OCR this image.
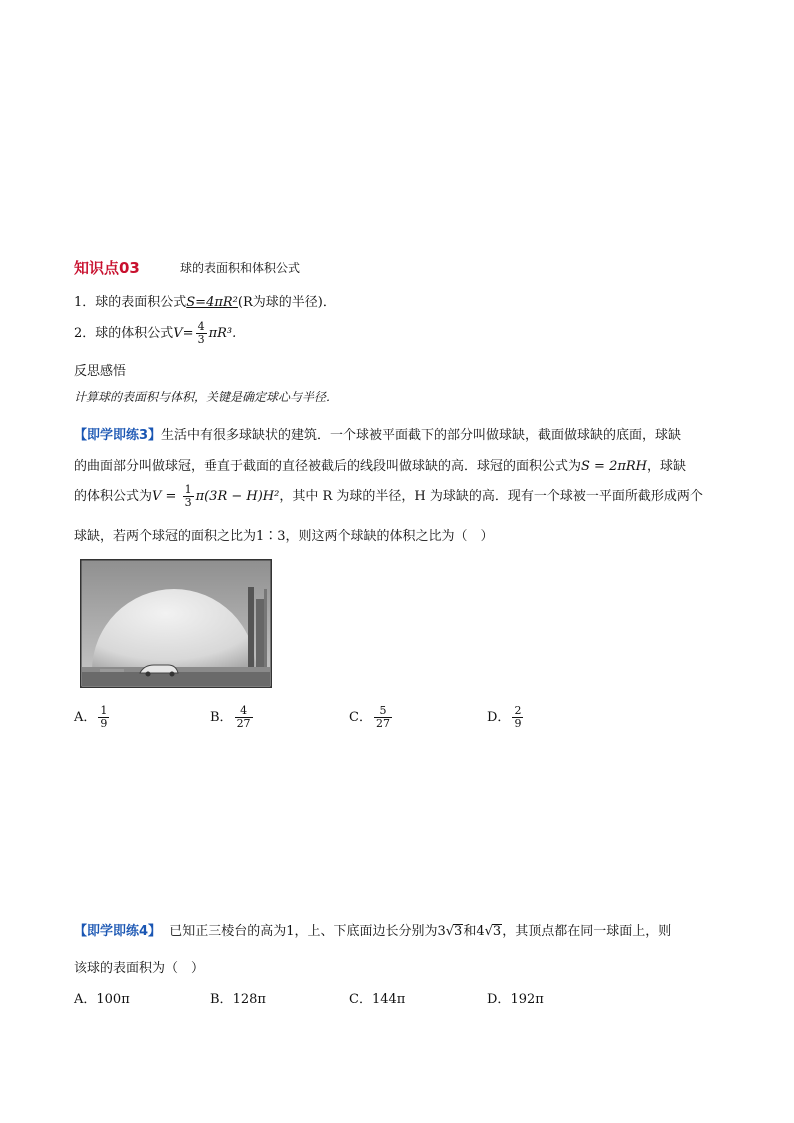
知识点03	球的表面积和体积公式
1．球的表面积公式S=4πR²(R为球的半径)．
2．球的体积公式$V= \frac{4}{3} \pi R^3$.
反思感悟
计算球的表面积与体积，关键是确定球心与半径．
【即学即练3】生活中有很多球缺状的建筑．一个球被平面截下的部分叫做球缺，截面做球缺的底面，球缺
的曲面部分叫做球冠，垂直于截面的直径被截后的线段叫做球缺的高．球冠的面积公式为S = 2πRH，球缺
的体积公式为$V = \frac{1}{3} \pi(3R - H)H^2$，其中 R 为球的半径，H 为球缺的高．现有一个球被一平面所截形成两个
球缺，若两个球冠的面积之比为1∶3，则这两个球缺的体积之比为（　）
A． $\frac{1}{9}$	B． $\frac{4}{27}$	C． $\frac{5}{27}$	D． $\frac{2}{9}$
【即学即练4】 已知正三棱台的高为1，上、下底面边长分别为3√3和4√3，其顶点都在同一球面上，则
该球的表面积为（　）
A．100π	B．128π	C．144π	D．192π
